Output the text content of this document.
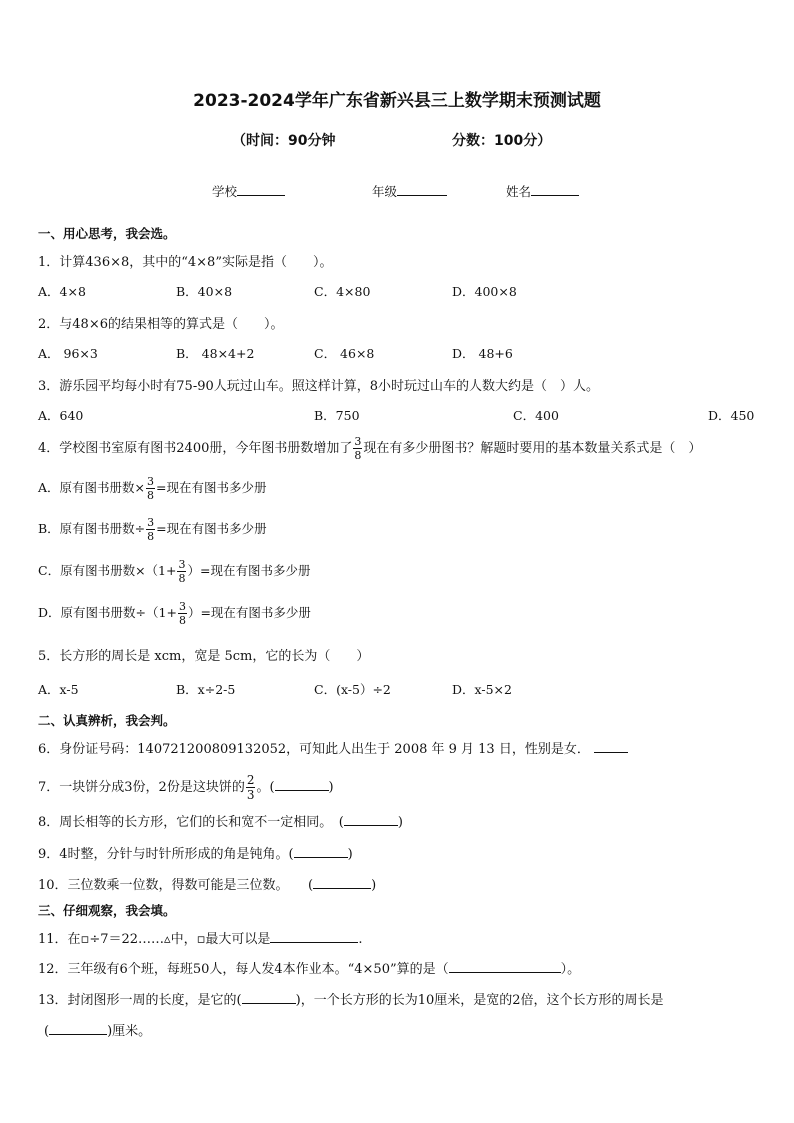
2023-2024学年广东省新兴县三上数学期末预测试题
（时间：90分钟	分数：100分）
学校	年级	姓名
一、用心思考，我会选。
1．计算436×8，其中的“4×8”实际是指（　　）。
A．4×8	B．40×8	C．4×80	D．400×8
2．与48×6的结果相等的算式是（　　）。
A． 96×3	B． 48×4+2	C． 46×8	D． 48+6
3．游乐园平均每小时有75-90人玩过山车。照这样计算，8小时玩过山车的人数大约是（　）人。
A．640	B．750	C．400	D．450
4．学校图书室原有图书2400册，今年图书册数增加了 $\frac{3}{8}$ 现在有多少册图书？解题时要用的基本数量关系式是（　）
A．原有图书册数× $\frac{3}{8}$ =现在有图书多少册
B．原有图书册数÷ $\frac{3}{8}$ =现在有图书多少册
C．原有图书册数$\times(1+ \frac{3}{8}$ ）=现在有图书多少册
D．原有图书册数$\div(1+ \frac{3}{8}$ ）=现在有图书多少册
5．长方形的周长是 xcm，宽是 5cm，它的长为（　　）
A．x-5	B．x÷2-5	C．(x-5）÷2	D．x-5×2
二、认真辨析，我会判。
6．身份证号码：140721200809132052，可知此人出生于 2008 年 9 月 13 日，性别是女．
7．一块饼分成3份，2份是这块饼的 $\frac{2}{3}$ 。(	)
8．周长相等的长方形，它们的长和宽不一定相同。　(	)
9．4时整，分针与时针所形成的角是钝角。(	)
10．三位数乘一位数，得数可能是三位数。　　(	)
三、仔细观察，我会填。
11．在▫÷7＝22……▵中，▫最大可以是	.
12．三年级有6个班，每班50人，每人发4本作业本。“4×50”算的是（	）。
13．封闭图形一周的长度，是它的(	)，一个长方形的长为10厘米，是宽的2倍，这个长方形的周长是
(	)厘米。
